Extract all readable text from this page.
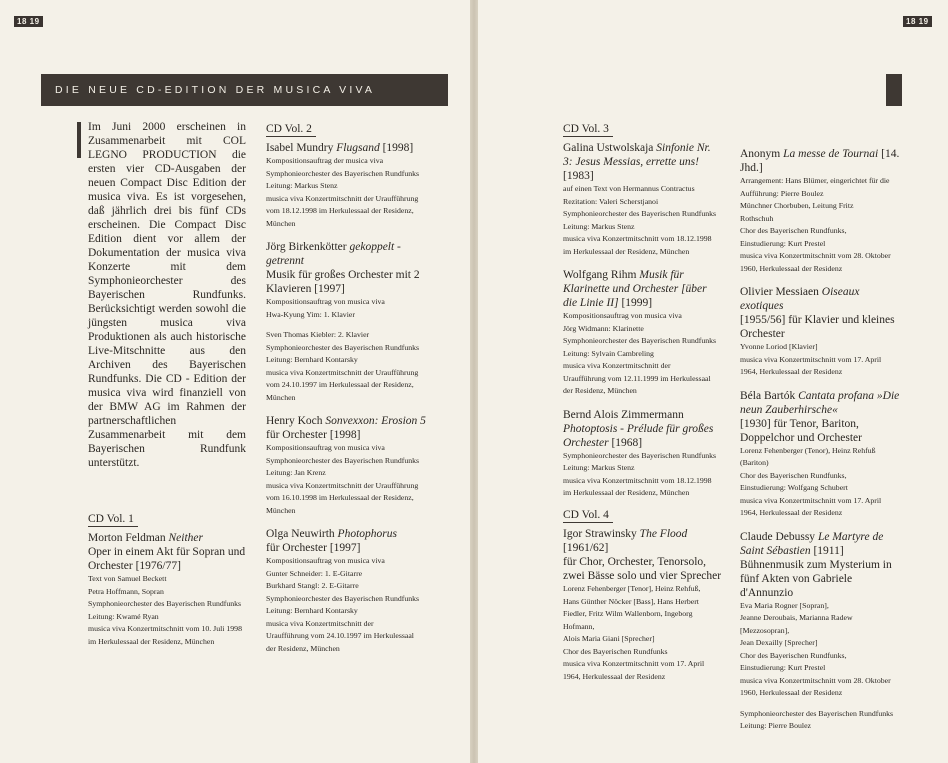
18 19	18 19
DIE NEUE CD-EDITION DER MUSICA VIVA
Im Juni 2000 erscheinen in Zusammenarbeit mit COL LEGNO PRODUCTION die ersten vier CD-Ausgaben der neuen Compact Disc Edition der musica viva. Es ist vorgesehen, daß jährlich drei bis fünf CDs erscheinen. Die Compact Disc Edition dient vor allem der Dokumentation der musica viva Konzerte mit dem Symphonieorchester des Bayerischen Rundfunks. Berücksichtigt werden sowohl die jüngsten musica viva Produktionen als auch historische Live-Mitschnitte aus den Archiven des Bayerischen Rundfunks. Die CD - Edition der musica viva wird finanziell von der BMW AG im Rahmen der partnerschaftlichen Zusammenarbeit mit dem Bayerischen Rundfunk unterstützt.
CD Vol. 1

Morton Feldman Neither
Oper in einem Akt für Sopran und Orchester [1976/77]
Text von Samuel Beckett
Petra Hoffmann, Sopran
Symphonieorchester des Bayerischen Rundfunks
Leitung: Kwamé Ryan
musica viva Konzertmitschnitt vom 10. Juli 1998
im Herkulessaal der Residenz, München
CD Vol. 2

Isabel Mundry Flugsand [1998]
Kompositionsauftrag der musica viva
Symphonieorchester des Bayerischen Rundfunks
Leitung: Markus Stenz
musica viva Konzertmitschnitt der Uraufführung
vom 18.12.1998 im Herkulessaal der Residenz,
München
Jörg Birkenkötter gekoppelt - getrennt
Musik für großes Orchester mit 2 Klavieren [1997]
Kompositionsauftrag von musica viva
Hwa-Kyung Yim: 1. Klavier
Sven Thomas Kiebler: 2. Klavier
Symphonieorchester des Bayerischen Rundfunks
Leitung: Bernhard Kontarsky
musica viva Konzertmitschnitt der Uraufführung
vom 24.10.1997 im Herkulessaal der Residenz,
München
Henry Koch Sonvexxon: Erosion 5
für Orchester [1998]
Kompositionsauftrag von musica viva
Symphonieorchester des Bayerischen Rundfunks
Leitung: Jan Krenz
musica viva Konzertmitschnitt der Uraufführung
vom 16.10.1998 im Herkulessaal der Residenz,
München
Olga Neuwirth Photophorus
für Orchester [1997]
Kompositionsauftrag von musica viva
Gunter Schneider: 1. E-Gitarre
Burkhard Stangl: 2. E-Gitarre
Symphonieorchester des Bayerischen Rundfunks
Leitung: Bernhard Kontarsky
musica viva Konzertmitschnitt der
Uraufführung vom 24.10.1997 im Herkulessaal
der Residenz, München
CD Vol. 3

Galina Ustwolskaja Sinfonie Nr. 3: Jesus Messias, errette uns! [1983]
auf einen Text von Hermannus Contractus
Rezitation: Valeri Scherstjanoi
Symphonieorchester des Bayerischen Rundfunks
Leitung: Markus Stenz
musica viva Konzertmitschnitt vom 18.12.1998
im Herkulessaal der Residenz, München
Wolfgang Rihm Musik für Klarinette und Orchester [über die Linie II] [1999]
Kompositionsauftrag von musica viva
Jörg Widmann: Klarinette
Symphonieorchester des Bayerischen Rundfunks
Leitung: Sylvain Cambreling
musica viva Konzertmitschnitt der
Uraufführung vom 12.11.1999 im Herkulessaal
der Residenz, München
Bernd Alois Zimmermann Photoptosis - Prélude für großes Orchester [1968]
Symphonieorchester des Bayerischen Rundfunks
Leitung: Markus Stenz
musica viva Konzertmitschnitt vom 18.12.1998
im Herkulessaal der Residenz, München
Anonym La messe de Tournai [14. Jhd.]
Arrangement: Hans Blümer, eingerichtet für die
Aufführung: Pierre Boulez
Münchner Chorbuben, Leitung Fritz
Rothschuh
Chor des Bayerischen Rundfunks,
Einstudierung: Kurt Prestel
musica viva Konzertmitschnitt vom 28. Oktober
1960, Herkulessaal der Residenz
Olivier Messiaen Oiseaux exotiques
[1955/56] für Klavier und kleines Orchester
Yvonne Loriod [Klavier]
musica viva Konzertmitschnitt vom 17. April
1964, Herkulessaal der Residenz
Béla Bartók Cantata profana »Die neun Zauberhirsche«
[1930] für Tenor, Bariton, Doppelchor und Orchester
Lorenz Fehenberger (Tenor), Heinz Rehfuß
(Bariton)
Chor des Bayerischen Rundfunks,
Einstudierung: Wolfgang Schubert
musica viva Konzertmitschnitt vom 17. April
1964, Herkulessaal der Residenz
Claude Debussy Le Martyre de Saint Sébastien [1911]
Bühnenmusik zum Mysterium in fünf Akten von Gabriele d'Annunzio
Eva Maria Rogner [Sopran],
Jeanne Deroubais, Marianna Radew
[Mezzosopran],
Jean Dexailly [Sprecher]
Chor des Bayerischen Rundfunks,
Einstudierung: Kurt Prestel
musica viva Konzertmitschnitt vom 28. Oktober
1960, Herkulessaal der Residenz
Symphonieorchester des Bayerischen Rundfunks
Leitung: Pierre Boulez
CD Vol. 4

Igor Strawinsky The Flood [1961/62]
für Chor, Orchester, Tenorsolo, zwei Bässe solo und vier Sprecher
Lorenz Fehenberger [Tenor], Heinz Rehfuß,
Hans Günther Nöcker [Bass], Hans Herbert
Fiedler, Fritz Wilm Wallenborn, Ingeborg
Hofmann,
Alois Maria Giani [Sprecher]
Chor des Bayerischen Rundfunks
musica viva Konzertmitschnitt vom 17. April
1964, Herkulessaal der Residenz
